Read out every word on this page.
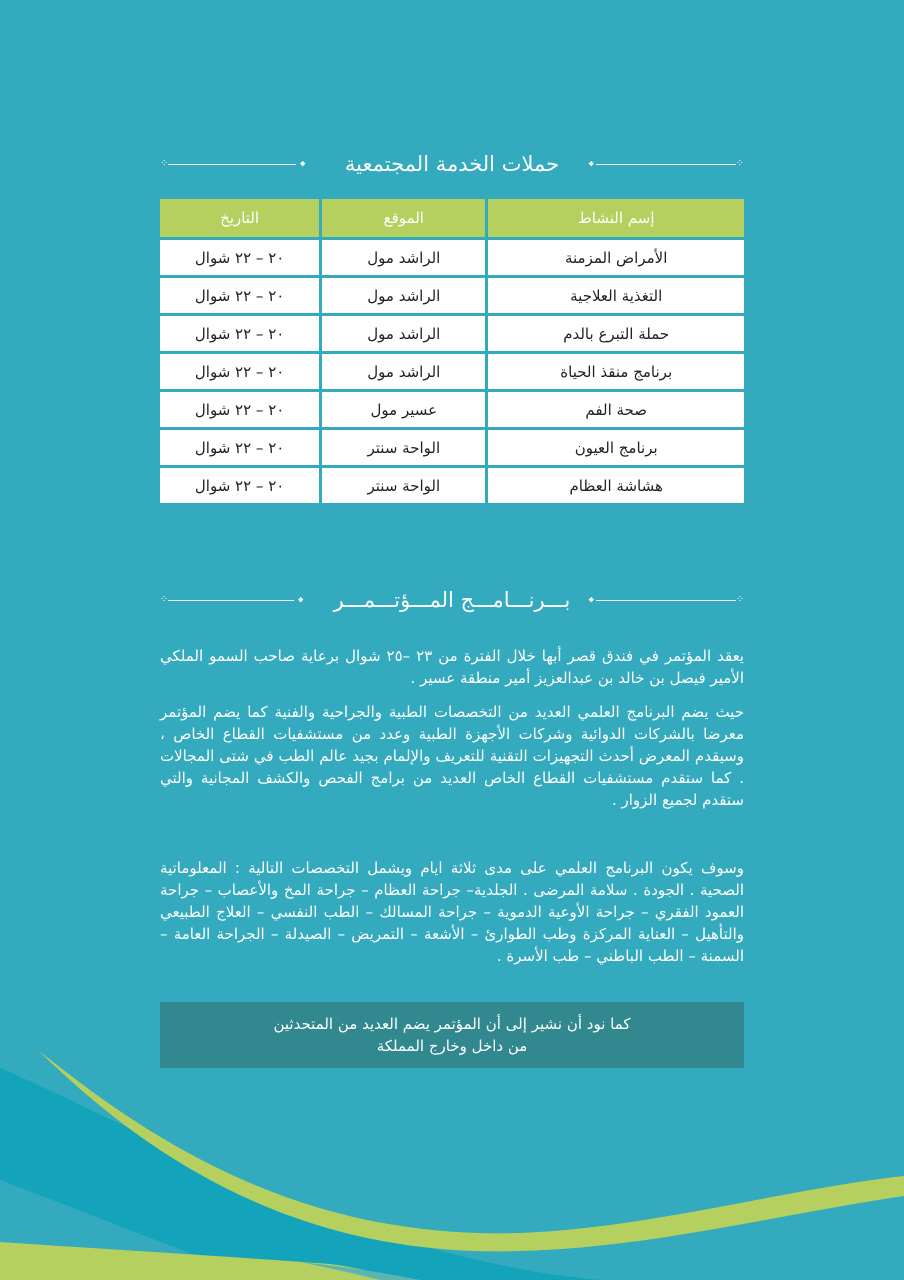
⁘	◆	حملات الخدمة المجتمعية	◆	⁘
إسم النشاط	الموقع	التاريخ
الأمراض المزمنة	الراشد مول	٢٠ – ٢٢ شوال
التغذية العلاجية	الراشد مول	٢٠ – ٢٢ شوال
حملة التبرع بالدم	الراشد مول	٢٠ – ٢٢ شوال
برنامج منقذ الحياة	الراشد مول	٢٠ – ٢٢ شوال
صحة الفم	عسير مول	٢٠ – ٢٢ شوال
برنامج العيون	الواحة سنتر	٢٠ – ٢٢ شوال
هشاشة العظام	الواحة سنتر	٢٠ – ٢٢ شوال
⁘	◆	بـــرنـــامـــج المـــؤتـــمـــر	◆	⁘

يعقد المؤتمر في فندق قصر أبها خلال الفترة من ٢٣ –٢٥ شوال برعاية صاحب السمو الملكي الأمير فيصل بن خالد بن عبدالعزيز أمير منطقة عسير .

حيث يضم البرنامج العلمي العديد من التخصصات الطبية والجراحية والفنية كما يضم المؤتمر معرضا بالشركات الدوائية وشركات الأجهزة الطبية وعدد من مستشفيات القطاع الخاص ، وسيقدم المعرض أحدث التجهيزات التقنية للتعريف والإلمام بجيد عالم الطب في شتى المجالات . كما ستقدم مستشفيات القطاع الخاص العديد من برامج الفحص والكشف المجانية والتي ستقدم لجميع الزوار .

وسوف يكون البرنامج العلمي على مدى ثلاثة ايام ويشمل التخصصات التالية : المعلوماتية الصحية . الجودة . سلامة المرضى . الجلدية– جراحة العظام – جراحة المخ والأعصاب – جراحة العمود الفقري – جراحة الأوعية الدموية – جراحة المسالك – الطب النفسي – العلاج الطبيعي والتأهيل – العناية المركزة وطب الطوارئ – الأشعة – التمريض – الصيدلة – الجراحة العامة – السمنة – الطب الباطني – طب الأسرة .

كما نود أن نشير إلى أن المؤتمر يضم العديد من المتحدثين
من داخل وخارج المملكة
